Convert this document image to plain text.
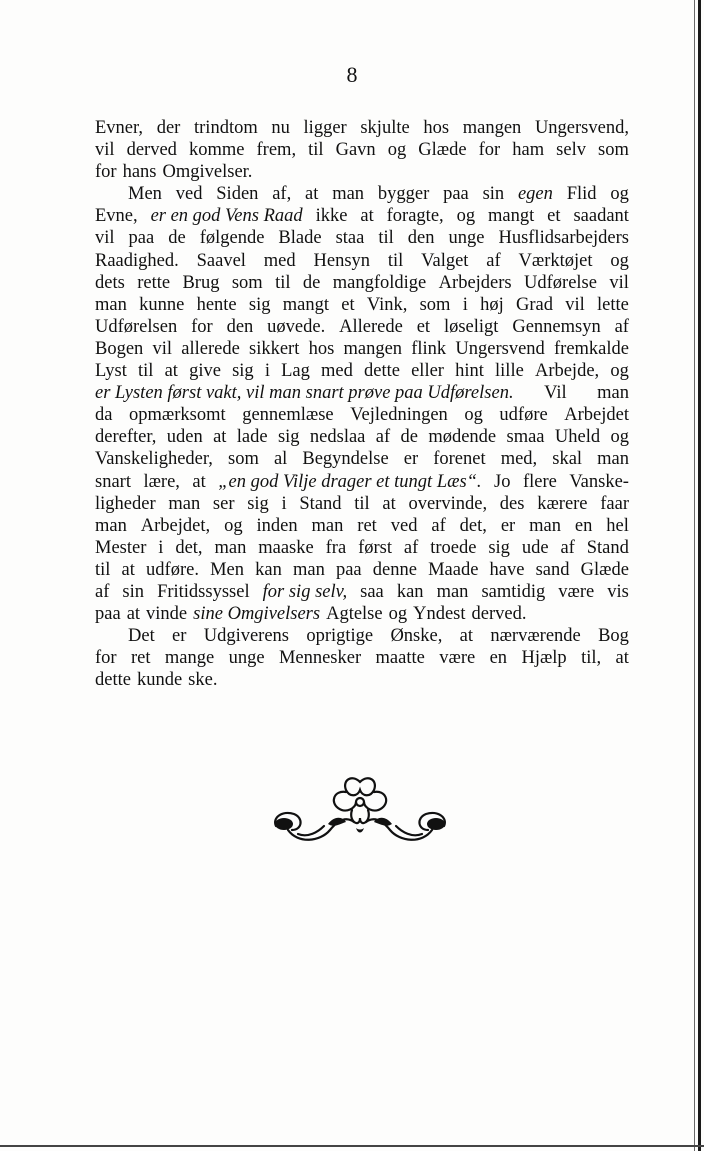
8
Evner, der trindtom nu ligger skjulte hos mangen Ungersvend,
vil derved komme frem, til Gavn og Glæde for ham selv som
for hans Omgivelser.
Men ved Siden af, at man bygger paa sin egen Flid og
Evne, er en god Vens Raad ikke at foragte, og mangt et saadant
vil paa de følgende Blade staa til den unge Husflidsarbejders
Raadighed. Saavel med Hensyn til Valget af Værktøjet og
dets rette Brug som til de mangfoldige Arbejders Udførelse vil
man kunne hente sig mangt et Vink, som i høj Grad vil lette
Udførelsen for den uøvede. Allerede et løseligt Gennemsyn af
Bogen vil allerede sikkert hos mangen flink Ungersvend fremkalde
Lyst til at give sig i Lag med dette eller hint lille Arbejde, og
er Lysten først vakt, vil man snart prøve paa Udførelsen. Vil man
da opmærksomt gennemlæse Vejledningen og udføre Arbejdet
derefter, uden at lade sig nedslaa af de mødende smaa Uheld og
Vanskeligheder, som al Begyndelse er forenet med, skal man
snart lære, at „en god Vilje drager et tungt Læs“. Jo flere Vanske-
ligheder man ser sig i Stand til at overvinde, des kærere faar
man Arbejdet, og inden man ret ved af det, er man en hel
Mester i det, man maaske fra først af troede sig ude af Stand
til at udføre. Men kan man paa denne Maade have sand Glæde
af sin Fritidssyssel for sig selv, saa kan man samtidig være vis
paa at vinde sine Omgivelsers Agtelse og Yndest derved.
Det er Udgiverens oprigtige Ønske, at nærværende Bog
for ret mange unge Mennesker maatte være en Hjælp til, at
dette kunde ske.
